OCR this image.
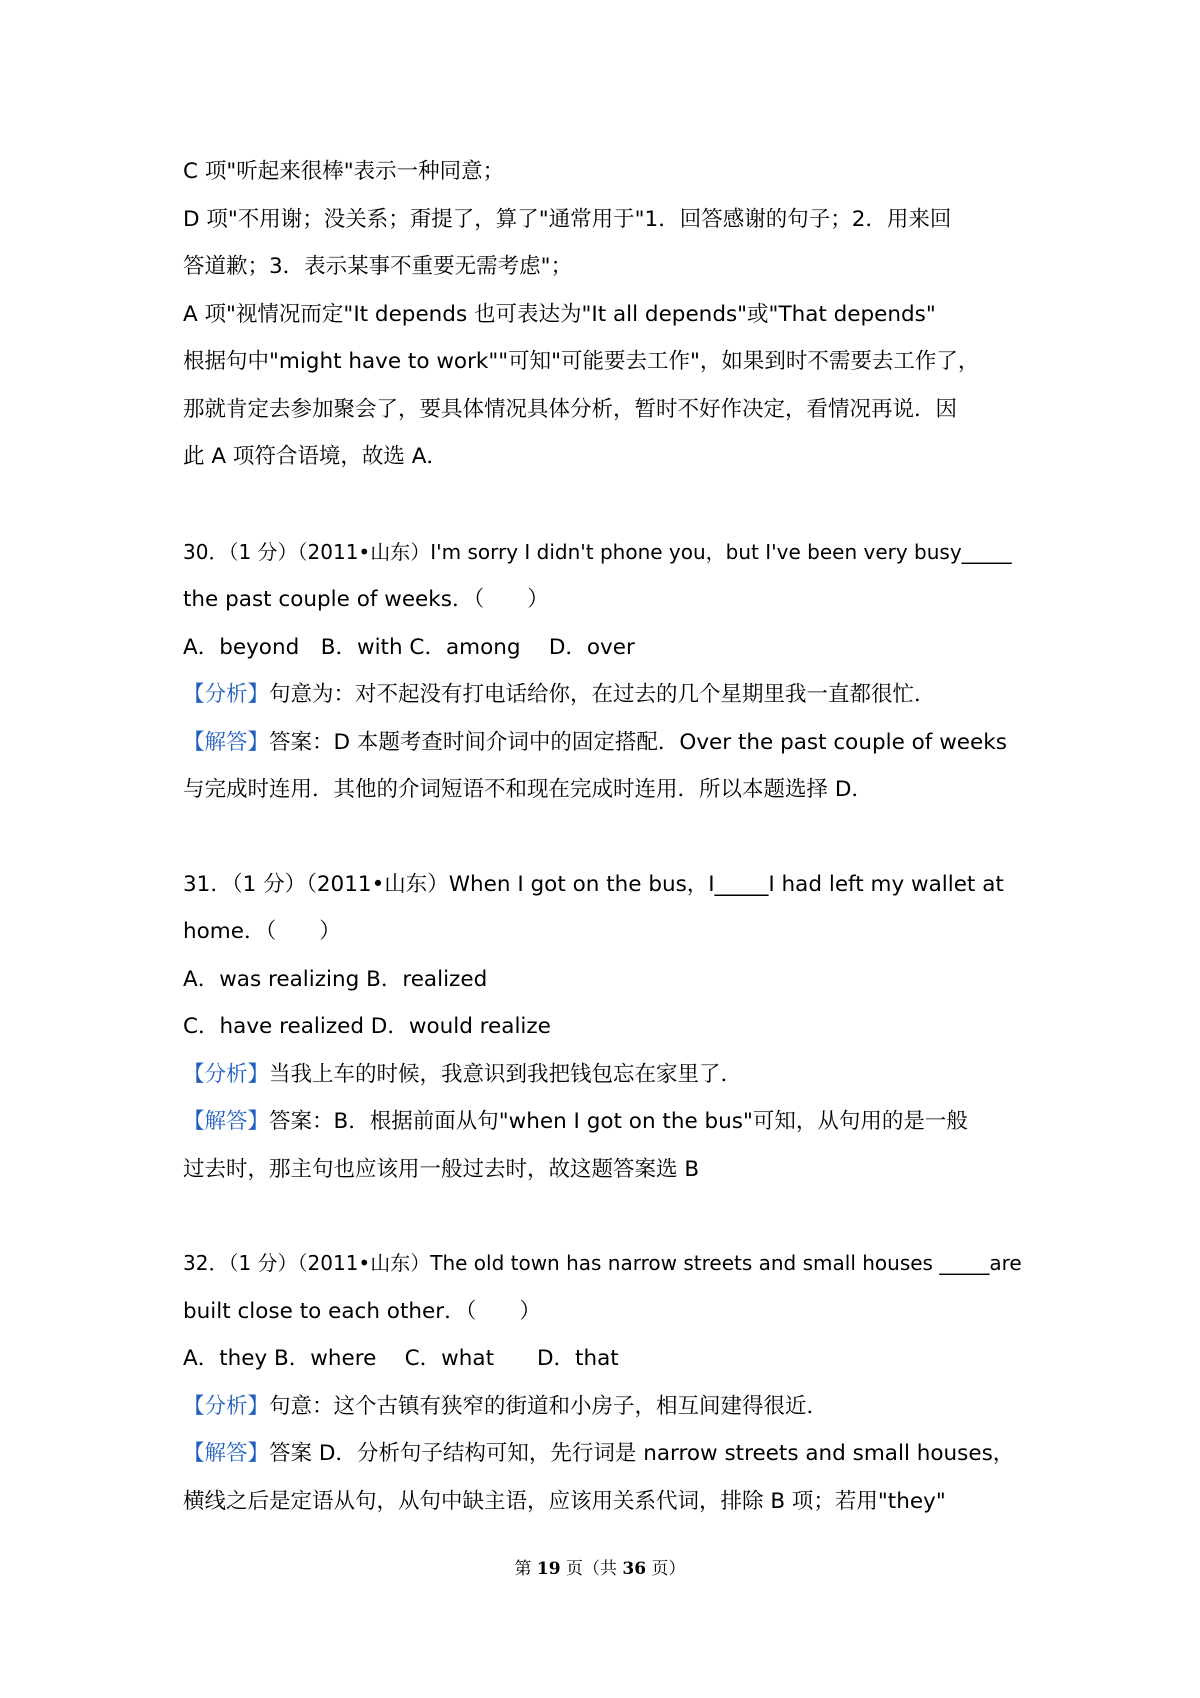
C 项"听起来很棒"表示一种同意；
D 项"不用谢；没关系；甭提了，算了"通常用于"1．回答感谢的句子；2．用来回
答道歉；3．表示某事不重要无需考虑"；
A 项"视情况而定"It depends 也可表达为"It all depends"或"That depends"
根据句中"might have to work""可知"可能要去工作"，如果到时不需要去工作了，
那就肯定去参加聚会了，要具体情况具体分析，暂时不好作决定，看情况再说．因
此 A 项符合语境，故选 A．
30．（1 分）（2011•山东）I'm sorry I didn't phone you，but I've been very busy_____
the past couple of weeks．（　　）
A．beyond　B．with C．among　 D．over
【分析】句意为：对不起没有打电话给你，在过去的几个星期里我一直都很忙．
【解答】答案：D 本题考查时间介词中的固定搭配．Over the past couple of weeks
与完成时连用．其他的介词短语不和现在完成时连用．所以本题选择 D．
31．（1 分）（2011•山东）When I got on the bus，I_____I had left my wallet at
home．（　　）
A．was realizing B．realized
C．have realized D．would realize
【分析】当我上车的时候，我意识到我把钱包忘在家里了．
【解答】答案：B．根据前面从句"when I got on the bus"可知，从句用的是一般
过去时，那主句也应该用一般过去时，故这题答案选 B
32．（1 分）（2011•山东）The old town has narrow streets and small houses _____are
built close to each other．（　　）
A．they B．where　 C．what　　D．that
【分析】句意：这个古镇有狭窄的街道和小房子，相互间建得很近．
【解答】答案 D．分析句子结构可知，先行词是 narrow streets and small houses，
横线之后是定语从句，从句中缺主语，应该用关系代词，排除 B 项；若用"they"
第 19 页（共 36 页）
